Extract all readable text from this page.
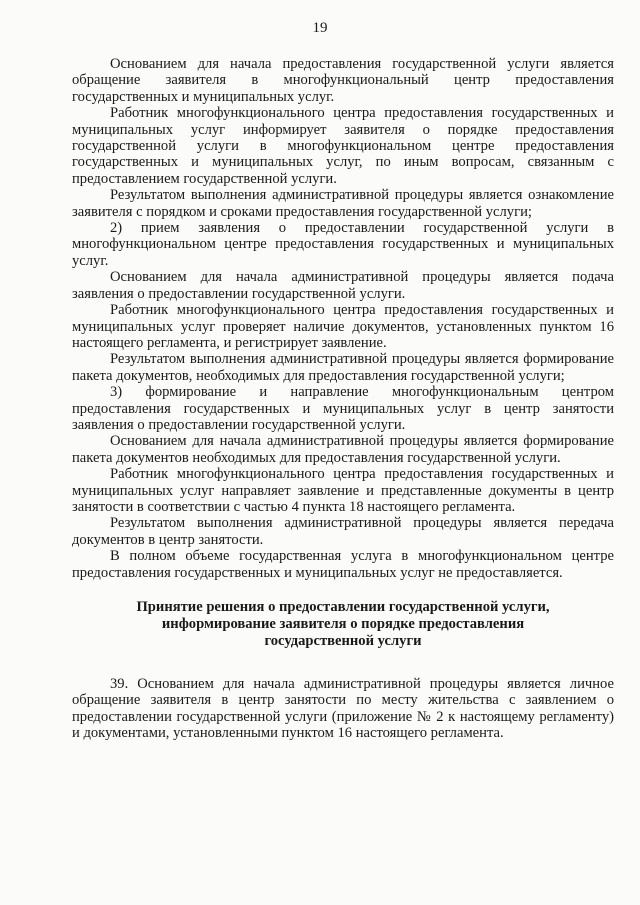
19

Основанием для начала предоставления государственной услуги является обращение заявителя в многофункциональный центр предоставления государственных и муниципальных услуг.

Работник многофункционального центра предоставления государственных и муниципальных услуг информирует заявителя о порядке предоставления государственной услуги в многофункциональном центре предоставления государственных и муниципальных услуг, по иным вопросам, связанным с предоставлением государственной услуги.

Результатом выполнения административной процедуры является ознакомление заявителя с порядком и сроками предоставления государственной услуги;

2) прием заявления о предоставлении государственной услуги в многофункциональном центре предоставления государственных и муниципальных услуг.

Основанием для начала административной процедуры является подача заявления о предоставлении государственной услуги.

Работник многофункционального центра предоставления государственных и муниципальных услуг проверяет наличие документов, установленных пунктом 16 настоящего регламента, и регистрирует заявление.

Результатом выполнения административной процедуры является формирование пакета документов, необходимых для предоставления государственной услуги;

3) формирование и направление многофункциональным центром предоставления государственных и муниципальных услуг в центр занятости заявления о предоставлении государственной услуги.

Основанием для начала административной процедуры является формирование пакета документов необходимых для предоставления государственной услуги.

Работник многофункционального центра предоставления государственных и муниципальных услуг направляет заявление и представленные документы в центр занятости в соответствии с частью 4 пункта 18 настоящего регламента.

Результатом выполнения административной процедуры является передача документов в центр занятости.

В полном объеме государственная услуга в многофункциональном центре предоставления государственных и муниципальных услуг не предоставляется.

Принятие решения о предоставлении государственной услуги, информирование заявителя о порядке предоставления государственной услуги

39. Основанием для начала административной процедуры является личное обращение заявителя в центр занятости по месту жительства с заявлением о предоставлении государственной услуги (приложение № 2 к настоящему регламенту) и документами, установленными пунктом 16 настоящего регламента.
